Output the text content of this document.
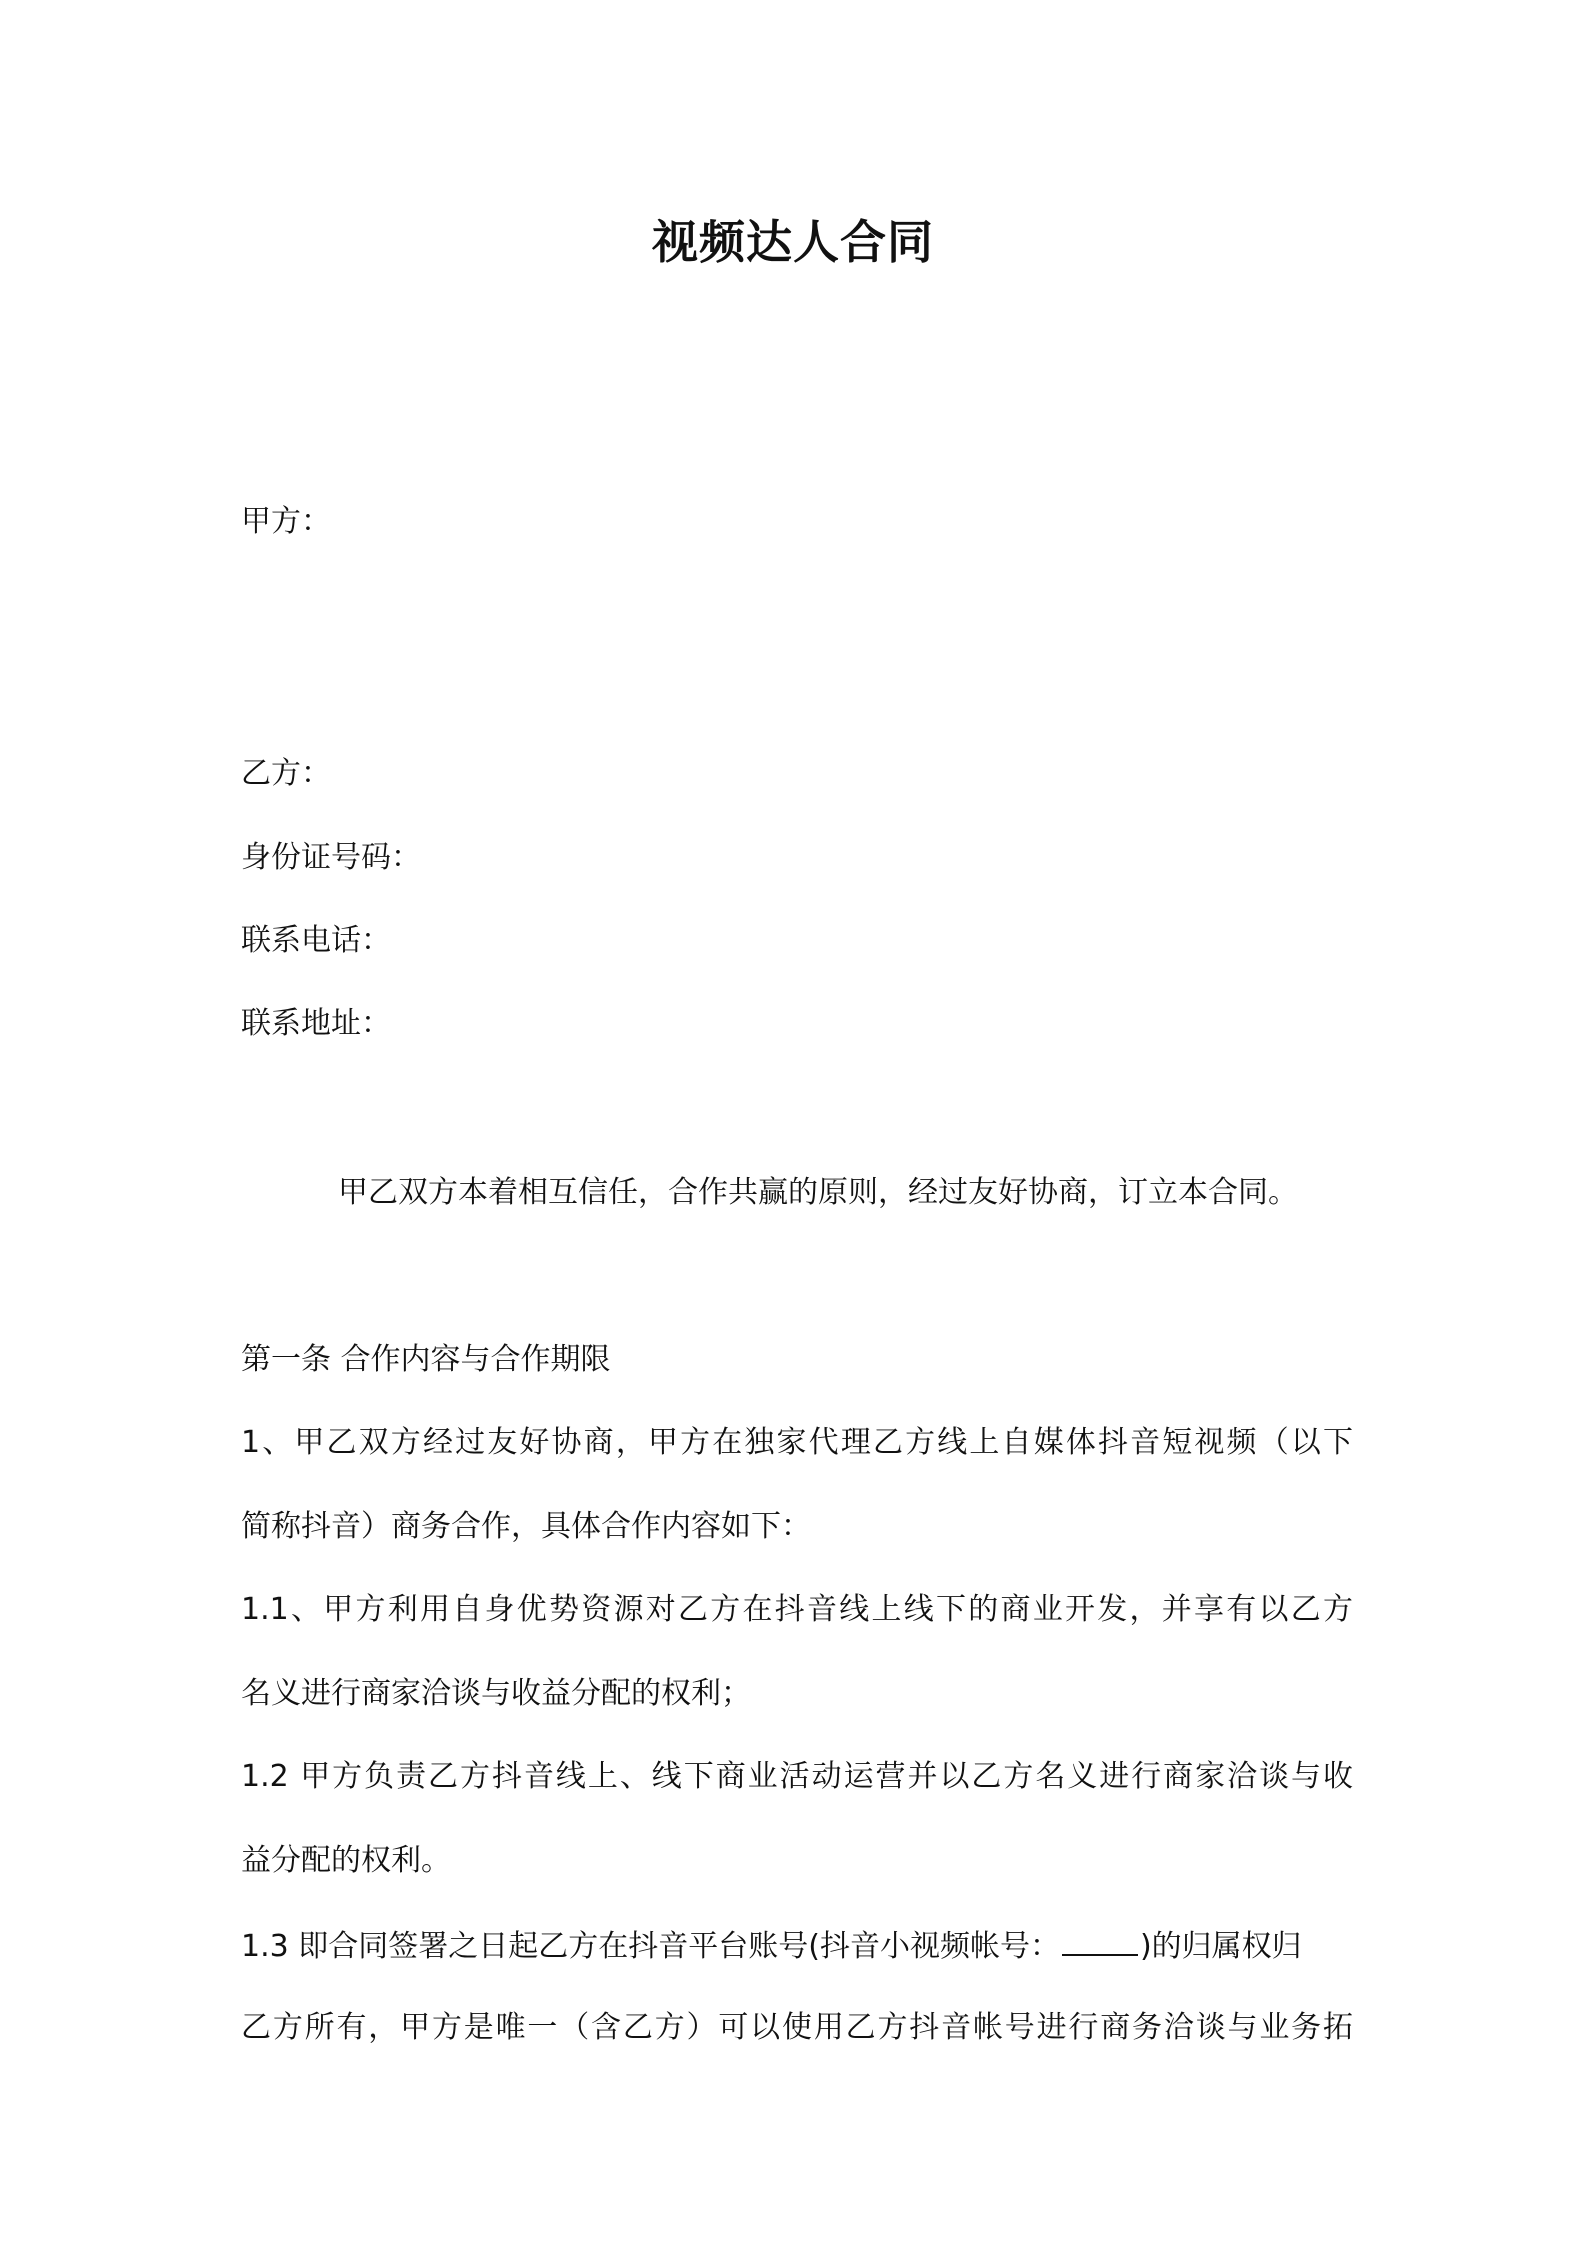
视频达人合同
甲方：
乙方：
身份证号码：
联系电话：
联系地址：
甲乙双方本着相互信任，合作共赢的原则，经过友好协商，订立本合同。
第一条 合作内容与合作期限
1、甲乙双方经过友好协商，甲方在独家代理乙方线上自媒体抖音短视频（以下
简称抖音）商务合作，具体合作内容如下：
1.1、甲方利用自身优势资源对乙方在抖音线上线下的商业开发，并享有以乙方
名义进行商家洽谈与收益分配的权利；
1.2 甲方负责乙方抖音线上、线下商业活动运营并以乙方名义进行商家洽谈与收
益分配的权利。
1.3 即合同签署之日起乙方在抖音平台账号(抖音小视频帐号：	)的归属权归
乙方所有，甲方是唯一（含乙方）可以使用乙方抖音帐号进行商务洽谈与业务拓
